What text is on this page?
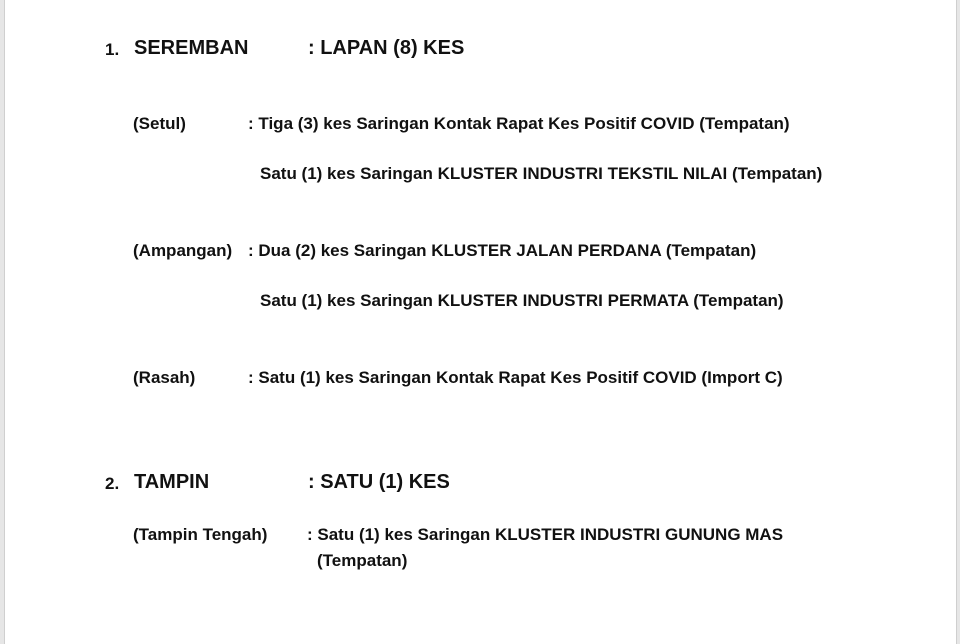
1. SEREMBAN	: LAPAN (8) KES
(Setul)	: Tiga (3) kes Saringan Kontak Rapat Kes Positif COVID (Tempatan)
Satu (1) kes Saringan KLUSTER INDUSTRI TEKSTIL NILAI (Tempatan)
(Ampangan) : Dua (2) kes Saringan KLUSTER JALAN PERDANA (Tempatan)
Satu (1) kes Saringan KLUSTER INDUSTRI PERMATA (Tempatan)
(Rasah)	: Satu (1) kes Saringan Kontak Rapat Kes Positif COVID (Import C)
2. TAMPIN	: SATU (1) KES
(Tampin Tengah) : Satu (1) kes Saringan KLUSTER INDUSTRI GUNUNG MAS
(Tempatan)
